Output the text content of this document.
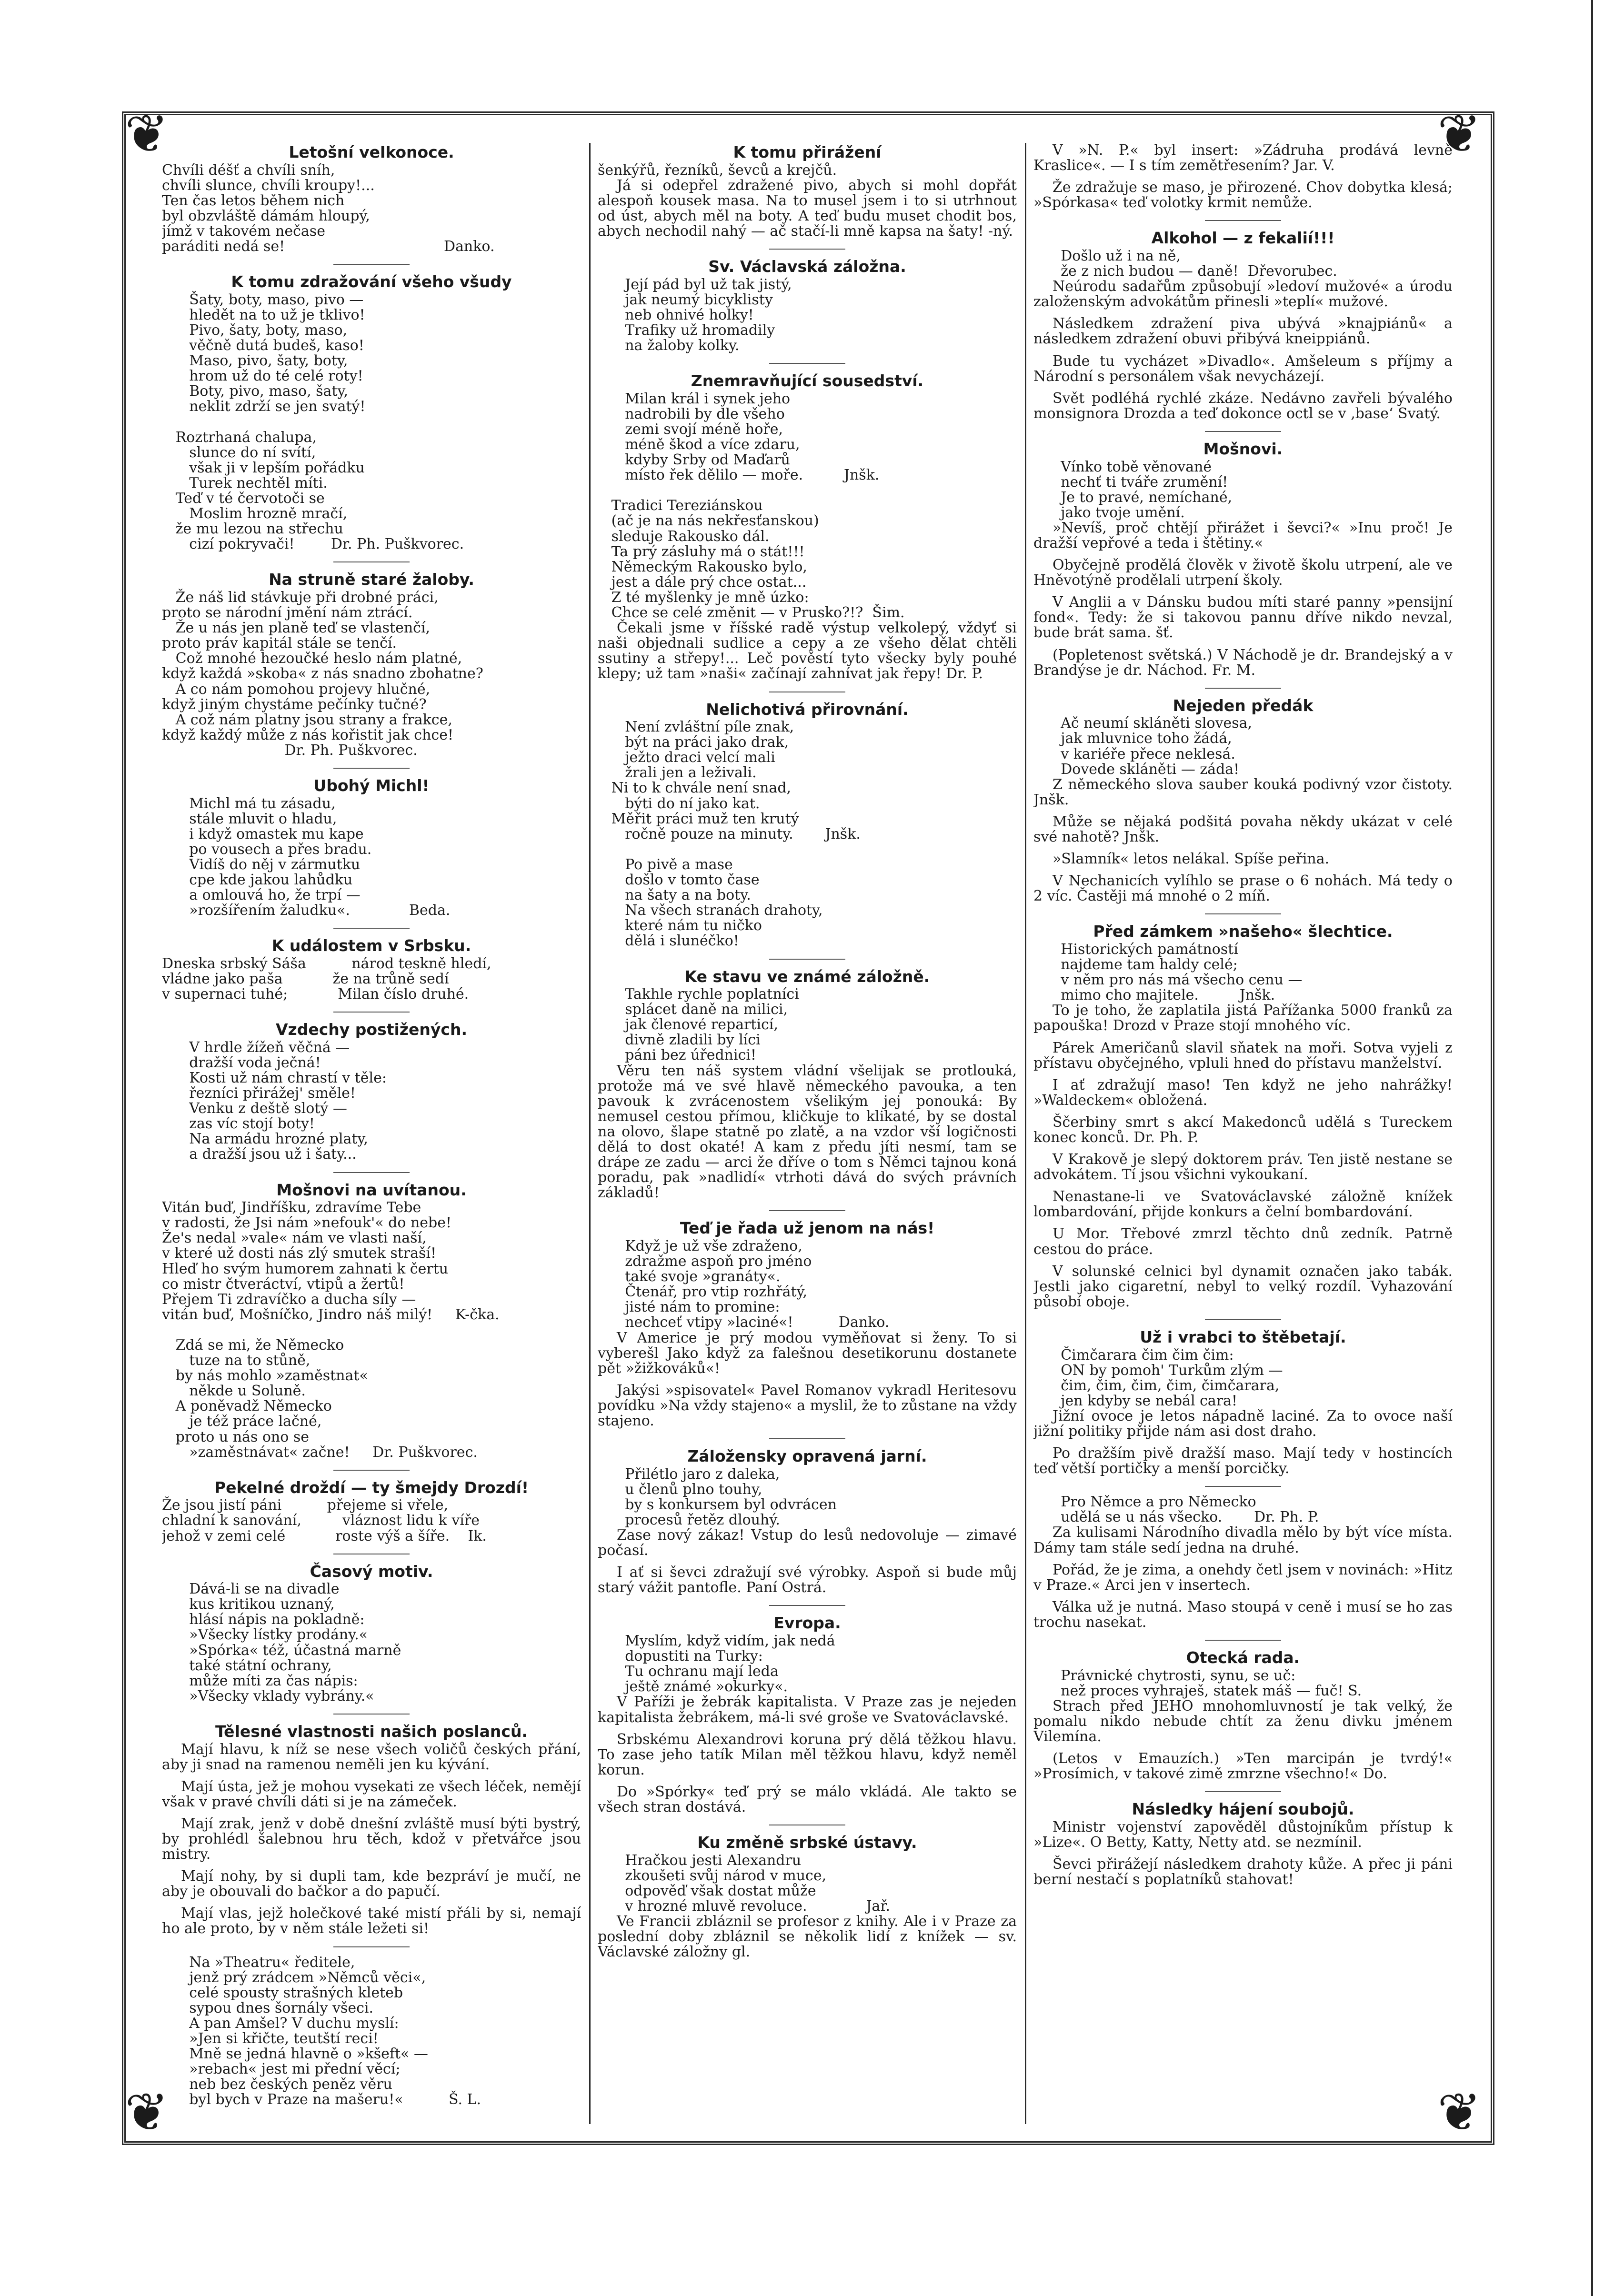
❦	❦
❦	❦
Letošní velkonoce.
Chvíli déšť a chvíli sníh,
chvíli slunce, chvíli kroupy!...
Ten čas letos během nich
byl obzvláště dámám hloupý,
jímž v takovém nečase
paráditi nedá se!                                   Danko.
K tomu zdražování všeho všudy
Šaty, boty, maso, pivo —
hledět na to už je tklivo!
Pivo, šaty, boty, maso,
věčně dutá budeš, kaso!
Maso, pivo, šaty, boty,
hrom už do té celé roty!
Boty, pivo, maso, šaty,
neklit zdrží se jen svatý!

Roztrhaná chalupa,
slunce do ní svítí,
však ji v lepším pořádku
Turek nechtěl míti.
Teď v té červotoči se
Moslim hrozně mračí,
že mu lezou na střechu
cizí pokryvači!        Dr. Ph. Puškvorec.
Na struně staré žaloby.
Že náš lid stávkuje při drobné práci,
proto se národní jmění nám ztrácí.
Že u nás jen planě teď se vlastenčí,
proto práv kapitál stále se tenčí.
Což mnohé hezoučké heslo nám platné,
když každá »skoba« z nás snadno zbohatne?
A co nám pomohou projevy hlučné,
když jiným chystáme pečínky tučné?
A což nám platny jsou strany a frakce,
když každý může z nás kořistit jak chce!
Dr. Ph. Puškvorec.
Ubohý Michl!
Michl má tu zásadu,
stále mluvit o hladu,
i když omastek mu kape
po vousech a přes bradu.
Vidíš do něj v zármutku
cpe kde jakou lahůdku
a omlouvá ho, že trpí —
»rozšířením žaludku«.             Beda.
K událostem v Srbsku.
Dneska srbský Sáša          národ teskně hledí,
vládne jako paša           že na trůně sedí
v supernaci tuhé;           Milan číslo druhé.
Vzdechy postižených.
V hrdle žížeň věčná —
dražší voda ječná!
Kosti už nám chrastí v těle:
řezníci přirážej' směle!
Venku z deště slotý —
zas víc stojí boty!
Na armádu hrozné platy,
a dražší jsou už i šaty...
Mošnovi na uvítanou.
Vitán buď, Jindříšku, zdravíme Tebe
v radosti, že Jsi nám »nefouk'« do nebe!
Že's nedal »vale« nám ve vlasti naší,
v které už dosti nás zlý smutek straší!
Hleď ho svým humorem zahnati k čertu
co mistr čtveráctví, vtipů a žertů!
Přejem Ti zdravíčko a ducha síly —
vitán buď, Mošníčko, Jindro náš milý!     K-čka.

Zdá se mi, že Německo
tuze na to stůně,
by nás mohlo »zaměstnat«
někde u Soluně.
A poněvadž Německo
je též práce lačné,
proto u nás ono se
»zaměstnávat« začne!     Dr. Puškvorec.
Pekelné droždí — ty šmejdy Drozdí!
Že jsou jistí páni          přejeme si vřele,
chladní k sanování,         vláznost lidu k víře
jehož v zemi celé           roste výš a šíře.    Ik.
Časový motiv.
Dává-li se na divadle
kus kritikou uznaný,
hlásí nápis na pokladně:
»Všecky lístky prodány.«
»Spórka« též, účastná marně
také státní ochrany,
může míti za čas nápis:
»Všecky vklady vybrány.«
Tělesné vlastnosti našich poslanců.
Mají hlavu, k níž se nese všech voličů českých přání, aby ji snad na ramenou neměli jen ku kývání.
Mají ústa, jež je mohou vysekati ze všech léček, nemějí však v pravé chvíli dáti si je na zámeček.
Mají zrak, jenž v době dnešní zvláště musí býti bystrý, by prohlédl šalebnou hru těch, kdož v přetvářce jsou mistry.
Mají nohy, by si dupli tam, kde bezpráví je mučí, ne aby je obouvali do bačkor a do papučí.
Mají vlas, jejž holečkové také mistí přáli by si, nemají ho ale proto, by v něm stále ležeti si!
Na »Theatru« ředitele,
jenž prý zrádcem »Němců věci«,
celé spousty strašných kleteb
sypou dnes šornály všeci.
A pan Amšel? V duchu myslí:
»Jen si křičte, teutští reci!
Mně se jedná hlavně o »kšeft« —
»rebach« jest mi přední věcí;
neb bez českých peněz věru
byl bych v Praze na mašeru!«          Š. L.
K tomu přirážení
šenkýřů, řezníků, ševců a krejčů.
Já si odepřel zdražené pivo, abych si mohl dopřát alespoň kousek masa. Na to musel jsem i to si utrhnout od úst, abych měl na boty. A teď budu muset chodit bos, abych nechodil nahý — ač stačí-li mně kapsa na šaty! -ný.
Sv. Václavská záložna.
Její pád byl už tak jistý,
jak neumý bicyklisty
neb ohnivé holky!
Trafiky už hromadily
na žaloby kolky.
Znemravňující sousedství.
Milan král i synek jeho
nadrobili by dle všeho
zemi svojí méně hoře,
méně škod a více zdaru,
kdyby Srby od Maďarů
místo řek dělilo — moře.         Jnšk.

Tradici Tereziánskou
(ač je na nás nekřesťanskou)
sleduje Rakousko dál.
Ta prý zásluhy má o stát!!!
Německým Rakousko bylo,
jest a dále prý chce ostat...
Z té myšlenky je mně úzko:
Chce se celé změnit — v Prusko?!?  Šim.
Čekali jsme v říšské radě výstup velkolepý, vždyť si naši objednali sudlice a cepy a ze všeho dělat chtěli ssutiny a střepy!... Leč pověstí tyto všecky byly pouhé klepy; už tam »naši« začínají zahnívat jak řepy! Dr. P.
Nelichotivá přirovnání.
Není zvláštní píle znak,
být na práci jako drak,
ježto draci velcí mali
žrali jen a leživali.
Ni to k chvále není snad,
býti do ní jako kat.
Měřit práci muž ten krutý
ročně pouze na minuty.       Jnšk.

Po pivě a mase
došlo v tomto čase
na šaty a na boty.
Na všech stranách drahoty,
které nám tu ničko
dělá i slunéčko!
Ke stavu ve známé záložně.
Takhle rychle poplatníci
splácet daně na milici,
jak členové reparticí,
divně zladili by líci
páni bez úřednici!
Věru ten náš system vládní všelijak se protlouká, protože má ve své hlavě německého pavouka, a ten pavouk k zvrácenostem všelikým jej ponouká: By nemusel cestou přímou, kličkuje to klikaté, by se dostal na olovo, šlape statně po zlatě, a na vzdor vší logičnosti dělá to dost okaté! A kam z předu jíti nesmí, tam se drápe ze zadu — arci že dříve o tom s Němci tajnou koná poradu, pak »nadlidí« vtrhoti dává do svých právních základů!
Teď je řada už jenom na nás!
Když je už vše zdraženo,
zdražme aspoň pro jméno
také svoje »granáty«.
Čtenář, pro vtip rozhřátý,
jisté nám to promine:
nechceť vtipy »laciné«!          Danko.
V Americe je prý modou vyměňovat si ženy. To si vyberešl Jako když za falešnou desetikorunu dostanete pět »žižkováků«!
Jakýsi »spisovatel« Pavel Romanov vykradl Heritesovu povídku »Na vždy stajeno« a myslil, že to zůstane na vždy stajeno.
Záložensky opravená jarní.
Přilétlo jaro z daleka,
u členů plno touhy,
by s konkursem byl odvrácen
procesů řetěz dlouhý.
Zase nový zákaz! Vstup do lesů nedovoluje — zimavé počasí.
I ať si ševci zdražují své výrobky. Aspoň si bude můj starý vážit pantofle. Paní Ostrá.
Evropa.
Myslím, když vidím, jak nedá
dopustiti na Turky:
Tu ochranu mají leda
ještě známé »okurky«.
V Paříži je žebrák kapitalista. V Praze zas je nejeden kapitalista žebrákem, má-li své groše ve Svatováclavské.
Srbskému Alexandrovi koruna prý dělá těžkou hlavu. To zase jeho tatík Milan měl těžkou hlavu, když neměl korun.
Do »Spórky« teď prý se málo vkládá. Ale takto se všech stran dostává.
Ku změně srbské ústavy.
Hračkou jesti Alexandru
zkoušeti svůj národ v muce,
odpověď však dostat může
v hrozné mluvě revoluce.             Jař.
Ve Francii zbláznil se profesor z knihy. Ale i v Praze za poslední doby zbláznil se několik lidí z knížek — sv. Václavské záložny gl.
V »N. P.« byl insert: »Zádruha prodává levně Kraslice«. — I s tím zemětřesením? Jar. V.
Že zdražuje se maso, je přirozené. Chov dobytka klesá; »Spórkasa« teď volotky krmit nemůže.
Alkohol — z fekalií!!!
Došlo už i na ně,
že z nich budou — daně!  Dřevorubec.
Neúrodu sadařům způsobují »ledoví mužové« a úrodu založenským advokátům přinesli »teplí« mužové.
Následkem zdražení piva ubývá »knajpiánů« a následkem zdražení obuvi přibývá kneippiánů.
Bude tu vycházet »Divadlo«. Amšeleum s příjmy a Národní s personálem však nevycházejí.
Svět podléhá rychlé zkáze. Nedávno zavřeli bývalého monsignora Drozda a teď dokonce octl se v ‚base‘ Svatý.
Mošnovi.
Vínko tobě věnované
nechť ti tváře zrumění!
Je to pravé, nemíchané,
jako tvoje umění.
»Nevíš, proč chtějí přirážet i ševci?« »Inu proč! Je dražší vepřové a teda i štětiny.«
Obyčejně prodělá člověk v životě školu utrpení, ale ve Hněvotýně prodělali utrpení školy.
V Anglii a v Dánsku budou míti staré panny »pensijní fond«. Tedy: že si takovou pannu dříve nikdo nevzal, bude brát sama. šť.
(Popletenost světská.) V Náchodě je dr. Brandejský a v Brandýse je dr. Náchod. Fr. M.
Nejeden předák
Ač neumí skláněti slovesa,
jak mluvnice toho žádá,
v kariéře přece neklesá.
Dovede skláněti — záda!
Z německého slova sauber kouká podivný vzor čistoty. Jnšk.
Může se nějaká podšitá povaha někdy ukázat v celé své nahotě? Jnšk.
»Slamník« letos nelákal. Spíše peřina.
V Nechanicích vylíhlo se prase o 6 nohách. Má tedy o 2 víc. Častěji má mnohé o 2 míň.
Před zámkem »našeho« šlechtice.
Historických památností
najdeme tam haldy celé;
v něm pro nás má všecho cenu —
mimo cho majitele.         Jnšk.
To je toho, že zaplatila jistá Pařížanka 5000 franků za papouška! Drozd v Praze stojí mnohého víc.
Párek Američanů slavil sňatek na moři. Sotva vyjeli z přístavu obyčejného, vpluli hned do přístavu manželství.
I ať zdražují maso! Ten když ne jeho nahrážky! »Waldeckem« obložená.
Ščerbiny smrt s akcí Makedonců udělá s Tureckem konec konců. Dr. Ph. P.
V Krakově je slepý doktorem práv. Ten jistě nestane se advokátem. Tí jsou všichni vykoukaní.
Nenastane-li ve Svatováclavské záložně knížek lombardování, přijde konkurs a čelní bombardování.
U Mor. Třebové zmrzl těchto dnů zedník. Patrně cestou do práce.
V solunské celnici byl dynamit označen jako tabák. Jestli jako cigaretní, nebyl to velký rozdíl. Vyhazování působí oboje.
Už i vrabci to štěbetají.
Čimčarara čim čim čim:
ON by pomoh' Turkům zlým —
čim, čim, čim, čim, čimčarara,
jen kdyby se nebál cara!
Jižní ovoce je letos nápadně laciné. Za to ovoce naší jižní politiky přijde nám asi dost draho.
Po dražším pivě dražší maso. Mají tedy v hostincích teď větší portičky a menší porcičky.
Pro Němce a pro Německo
udělá se u nás všecko.       Dr. Ph. P.
Za kulisami Národního divadla mělo by být více místa. Dámy tam stále sedí jedna na druhé.
Pořád, že je zima, a onehdy četl jsem v novinách: »Hitz v Praze.« Arci jen v insertech.
Válka už je nutná. Maso stoupá v ceně i musí se ho zas trochu nasekat.
Otecká rada.
Právnické chytrosti, synu, se uč:
než proces vyhraješ, statek máš — fuč! S.
Strach před JEHO mnohomluvností je tak velký, že pomalu nikdo nebude chtít za ženu divku jménem Vilemína.
(Letos v Emauzích.) »Ten marcipán je tvrdý!« »Prosímich, v takové zimě zmrzne všechno!« Do.
Následky hájení soubojů.
Ministr vojenství zapověděl důstojníkům přístup k »Lize«. O Betty, Katty, Netty atd. se nezmínil.
Ševci přirážejí následkem drahoty kůže. A přec ji páni berní nestačí s poplatníků stahovat!
